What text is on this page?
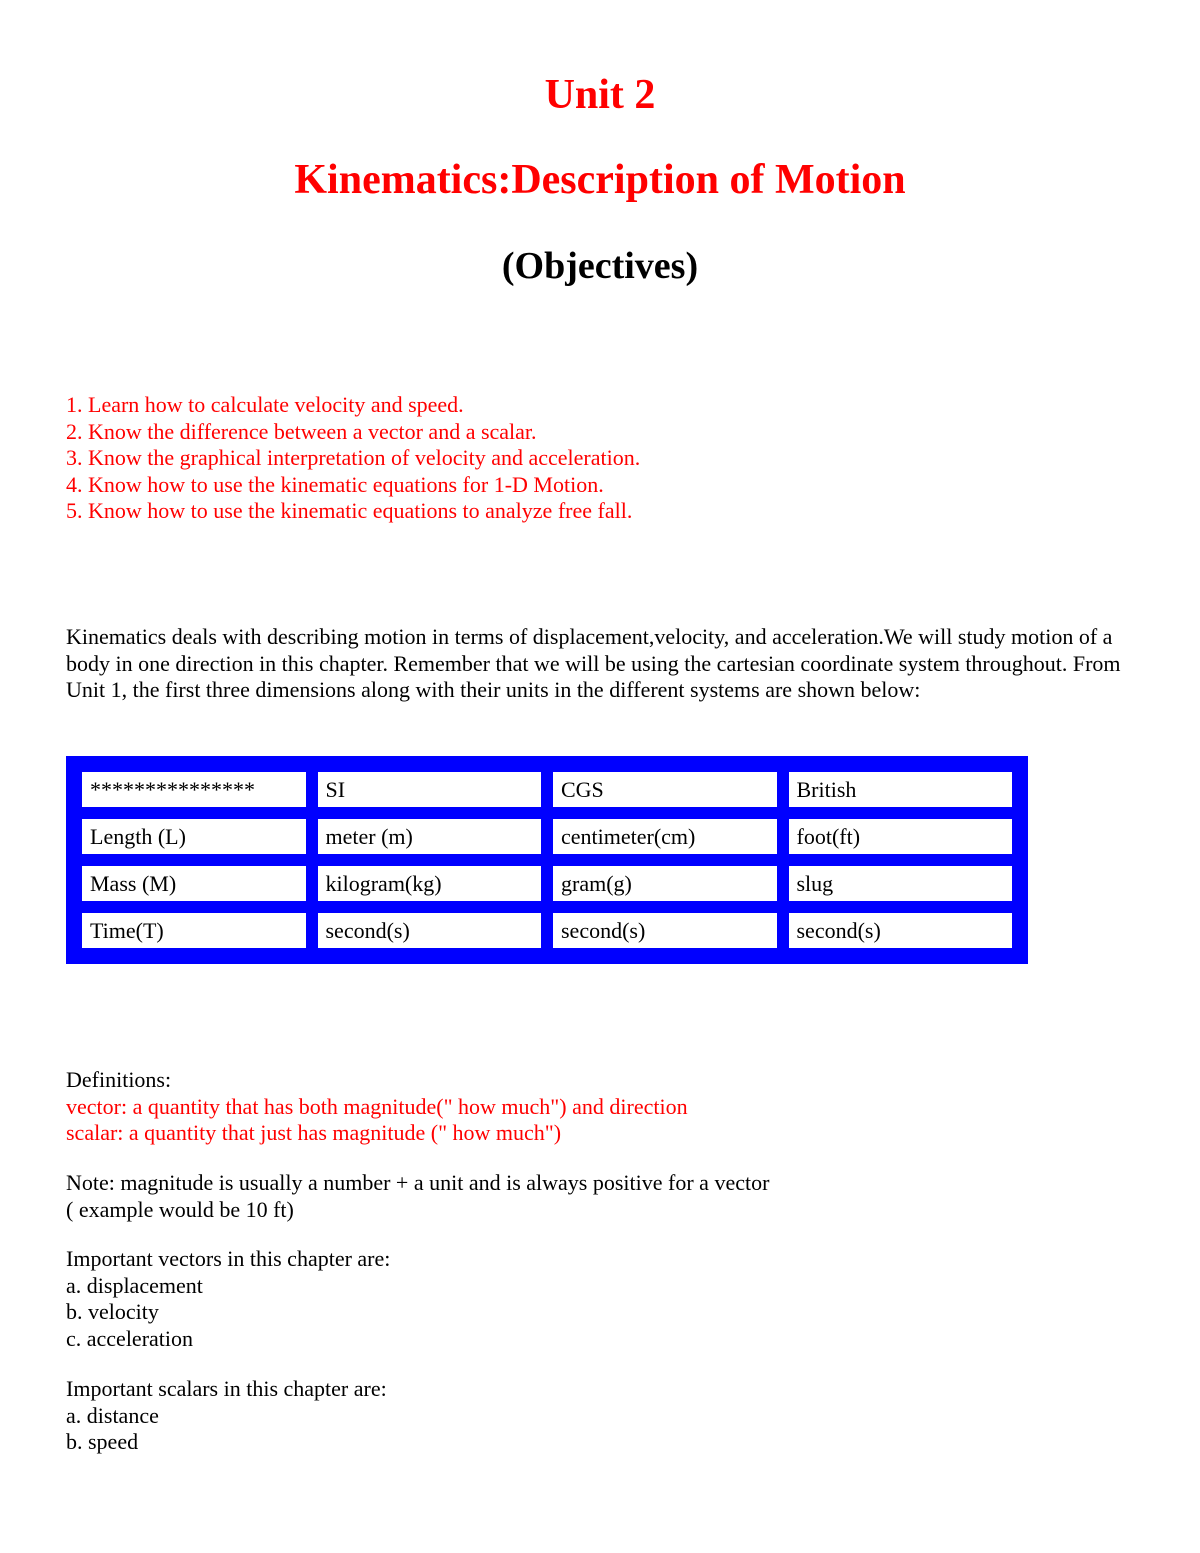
Unit 2
Kinematics:Description of Motion
(Objectives)
1. Learn how to calculate velocity and speed.
2. Know the difference between a vector and a scalar.
3. Know the graphical interpretation of velocity and acceleration.
4. Know how to use the kinematic equations for 1-D Motion.
5. Know how to use the kinematic equations to analyze free fall.
Kinematics deals with describing motion in terms of displacement,velocity, and acceleration.We will study motion of a body in one direction in this chapter. Remember that we will be using the cartesian coordinate system throughout. From Unit 1, the first three dimensions along with their units in the different systems are shown below:
***************	SI	CGS	British
Length (L)	meter (m)	centimeter(cm)	foot(ft)
Mass (M)	kilogram(kg)	gram(g)	slug
Time(T)	second(s)	second(s)	second(s)
Definitions:
vector: a quantity that has both magnitude(" how much") and direction
scalar: a quantity that just has magnitude (" how much")
Note: magnitude is usually a number + a unit and is always positive for a vector
( example would be 10 ft)
Important vectors in this chapter are:
a. displacement
b. velocity
c. acceleration
Important scalars in this chapter are:
a. distance
b. speed
